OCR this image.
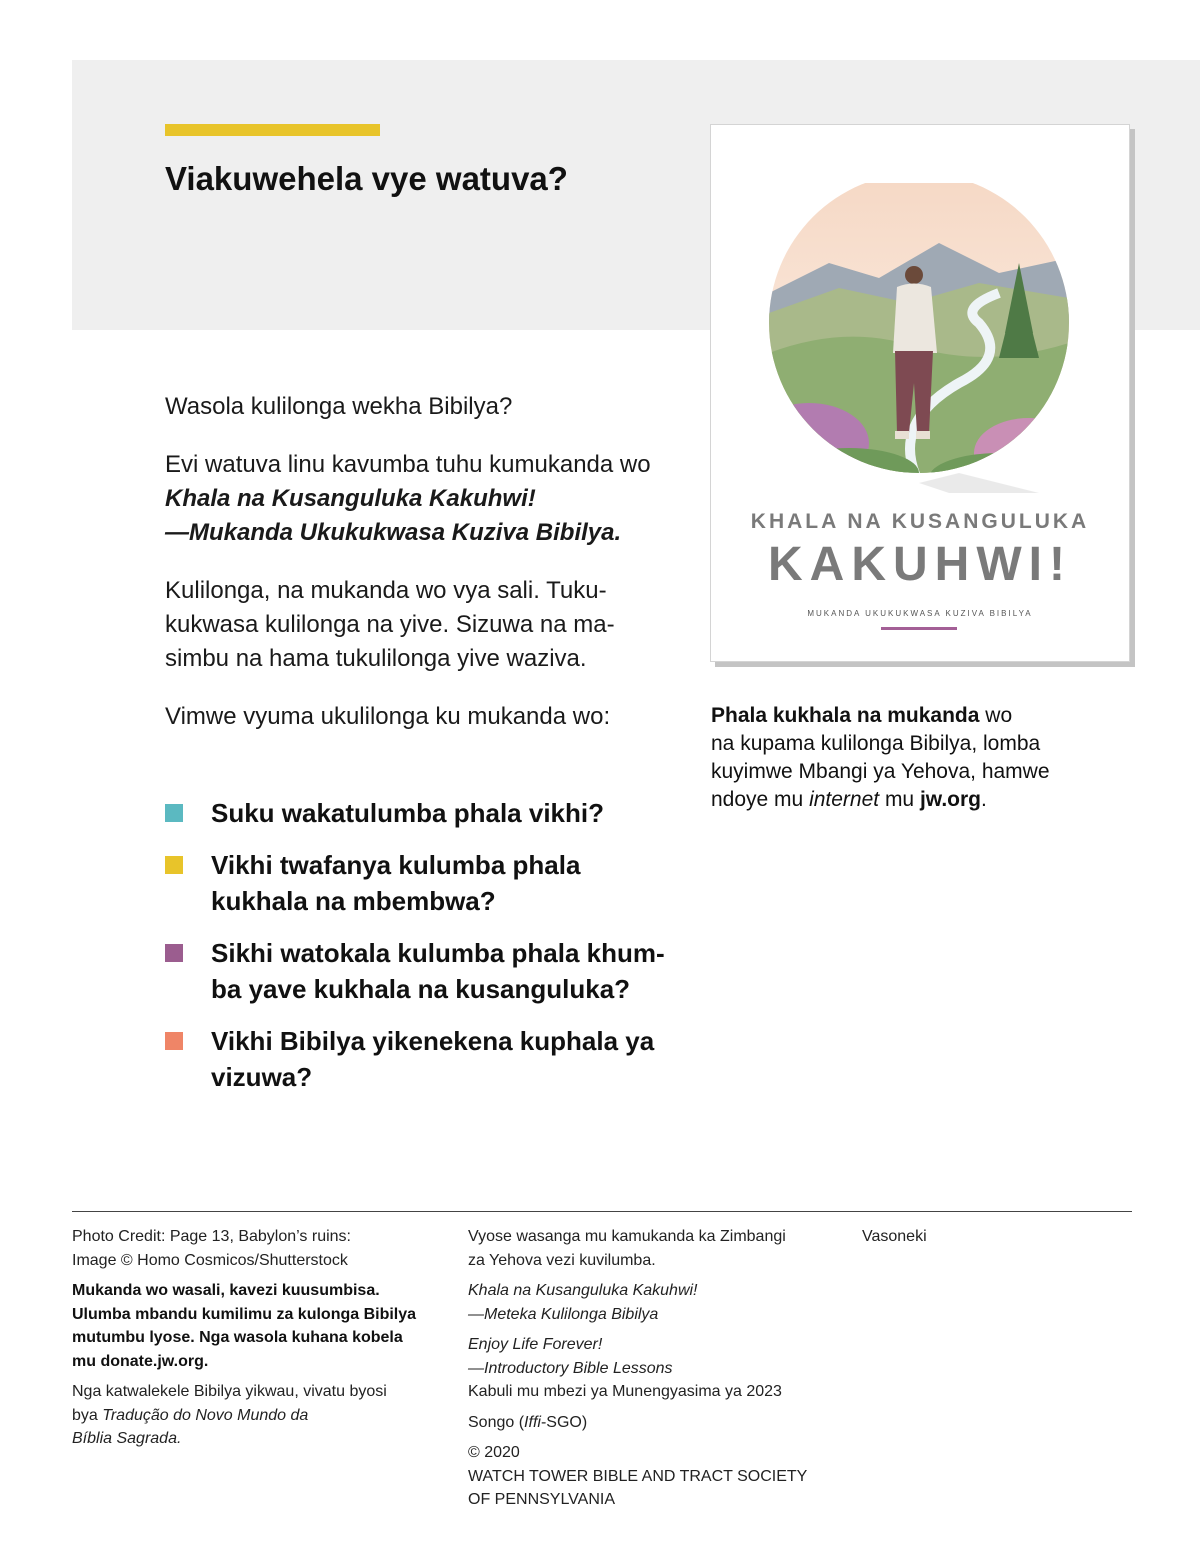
Viakuwehela vye watuva?

Wasola kulilonga wekha Bibilya?

Evi watuva linu kavumba tuhu kumukanda wo Khala na Kusanguluka Kakuhwi!
—Mukanda Ukukukwasa Kuziva Bibilya.

Kulilonga, na mukanda wo vya sali. Tuku-
kukwasa kulilonga na yive. Sizuwa na ma-
simbu na hama tukulilonga yive waziva.

Vimwe vyuma ukulilonga ku mukanda wo:

Suku wakatulumba phala vikhi?
Vikhi twafanya kulumba phala
kukhala na mbembwa?
Sikhi watokala kulumba phala khum-
ba yave kukhala na kusanguluka?
Vikhi Bibilya yikenekena kuphala ya
vizuwa?
KHALA NA KUSANGULUKA
KAKUHWI!
MUKANDA UKUKUKWASA KUZIVA BIBILYA
Phala kukhala na mukanda wo
na kupama kulilonga Bibilya, lomba
kuyimwe Mbangi ya Yehova, hamwe
ndoye mu internet mu jw.org.

Photo Credit: Page 13, Babylon’s ruins:
Image © Homo Cosmicos/Shutterstock

Mukanda wo wasali, kavezi kuusumbisa.
Ulumba mbandu kumilimu za kulonga Bibilya
mutumbu lyose. Nga wasola kuhana kobela
mu donate.jw.org.

Nga katwalekele Bibilya yikwau, vivatu byosi
bya Tradução do Novo Mundo da
Bíblia Sagrada.

Vyose wasanga mu kamukanda ka Zimbangi
za Yehova vezi kuvilumba.

Khala na Kusanguluka Kakuhwi!
—Meteka Kulilonga Bibilya

Enjoy Life Forever!
—Introductory Bible Lessons
Kabuli mu mbezi ya Munengyasima ya 2023

Songo (Iffi-SGO)

© 2020
WATCH TOWER BIBLE AND TRACT SOCIETY
OF PENNSYLVANIA

Vasoneki
